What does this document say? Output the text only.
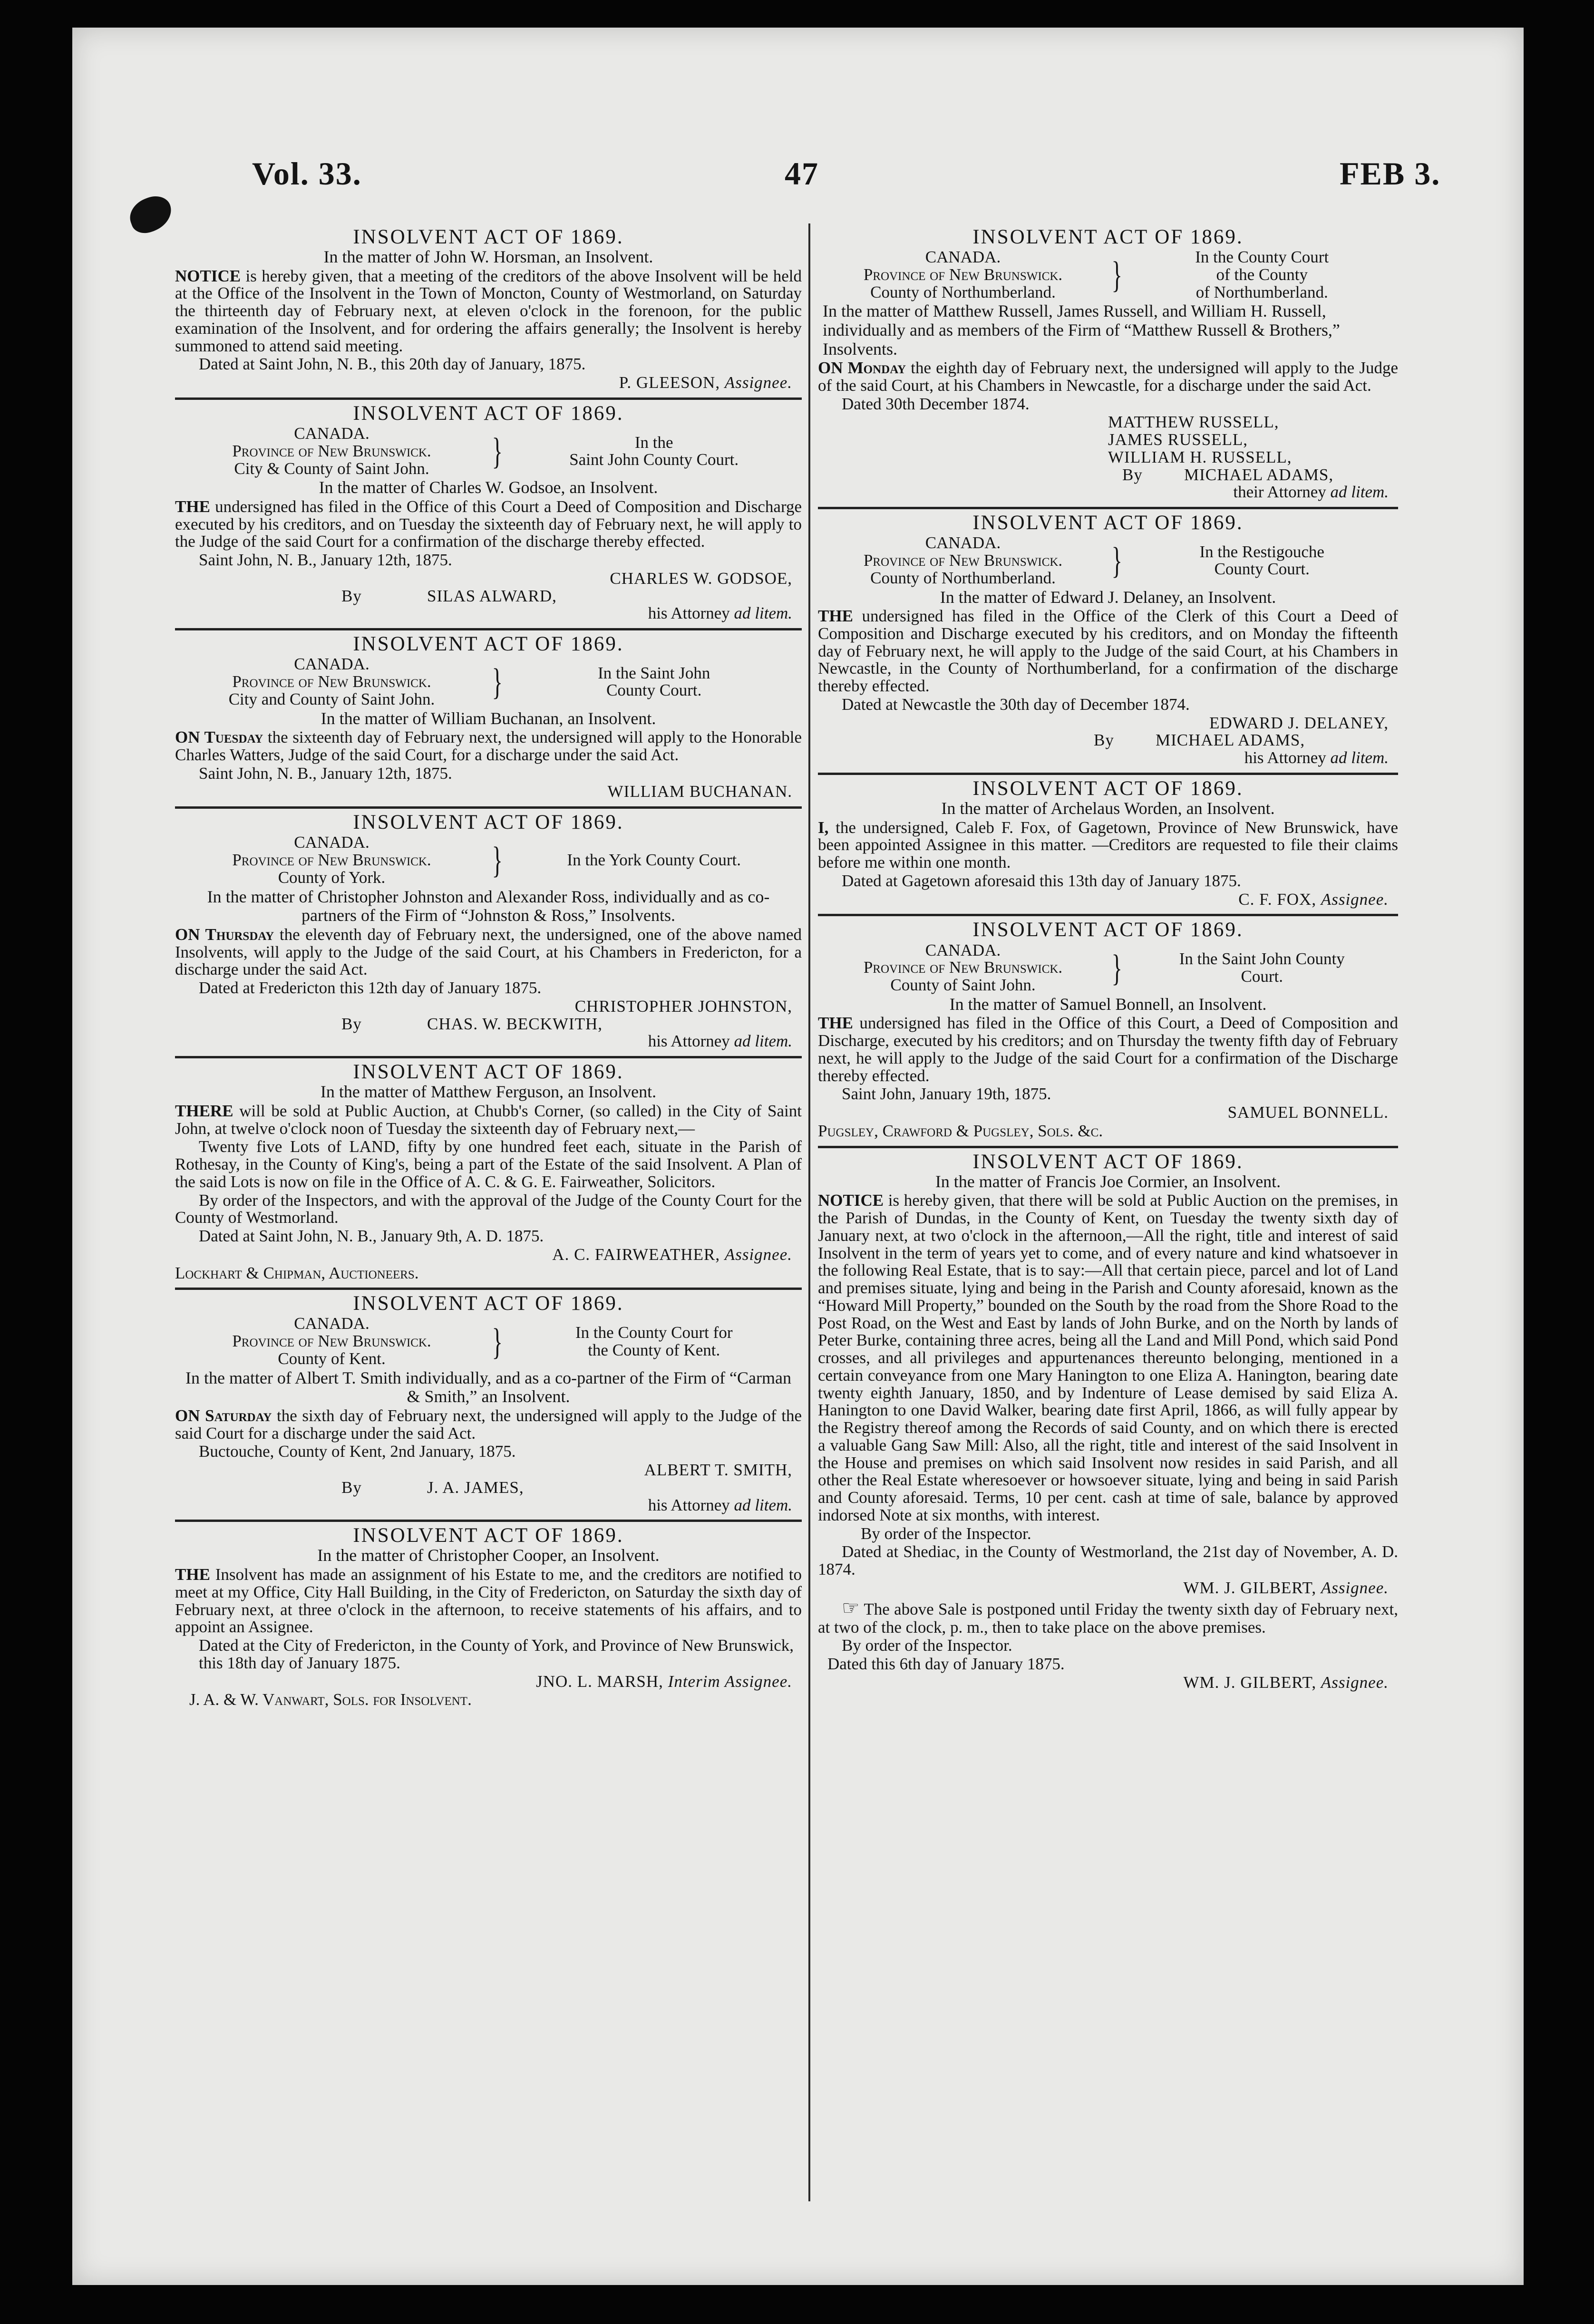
Vol. 33.	47	FEB 3.
INSOLVENT ACT OF 1869.
In the matter of John W. Horsman, an Insolvent.
NOTICE is hereby given, that a meeting of the creditors of the above Insolvent will be held at the Office of the Insolvent in the Town of Moncton, County of Westmorland, on Saturday the thirteenth day of February next, at eleven o'clock in the forenoon, for the public examination of the Insolvent, and for ordering the affairs generally; the Insolvent is hereby summoned to attend said meeting.
Dated at Saint John, N. B., this 20th day of January, 1875.
P. GLEESON, Assignee.
INSOLVENT ACT OF 1869.
CANADA.
Province of New Brunswick.
City & County of Saint John.	}	In the
Saint John County Court.
In the matter of Charles W. Godsoe, an Insolvent.
THE undersigned has filed in the Office of this Court a Deed of Composition and Discharge executed by his creditors, and on Tuesday the sixteenth day of February next, he will apply to the Judge of the said Court for a confirmation of the discharge thereby effected.
Saint John, N. B., January 12th, 1875.
CHARLES W. GODSOE,
By	SILAS ALWARD,
his Attorney ad litem.
INSOLVENT ACT OF 1869.
CANADA.
Province of New Brunswick.
City and County of Saint John.	}	In the Saint John
County Court.
In the matter of William Buchanan, an Insolvent.
ON Tuesday the sixteenth day of February next, the undersigned will apply to the Honorable Charles Watters, Judge of the said Court, for a discharge under the said Act.
Saint John, N. B., January 12th, 1875.
WILLIAM BUCHANAN.
INSOLVENT ACT OF 1869.
CANADA.
Province of New Brunswick.
County of York.	}	In the York County Court.
In the matter of Christopher Johnston and Alexander Ross, individually and as co-partners of the Firm of “Johnston & Ross,” Insolvents.
ON Thursday the eleventh day of February next, the undersigned, one of the above named Insolvents, will apply to the Judge of the said Court, at his Chambers in Fredericton, for a discharge under the said Act.
Dated at Fredericton this 12th day of January 1875.
CHRISTOPHER JOHNSTON,
By	CHAS. W. BECKWITH,
his Attorney ad litem.
INSOLVENT ACT OF 1869.
In the matter of Matthew Ferguson, an Insolvent.
THERE will be sold at Public Auction, at Chubb's Corner, (so called) in the City of Saint John, at twelve o'clock noon of Tuesday the sixteenth day of February next,—
Twenty five Lots of LAND, fifty by one hundred feet each, situate in the Parish of Rothesay, in the County of King's, being a part of the Estate of the said Insolvent. A Plan of the said Lots is now on file in the Office of A. C. & G. E. Fairweather, Solicitors.
By order of the Inspectors, and with the approval of the Judge of the County Court for the County of Westmorland.
Dated at Saint John, N. B., January 9th, A. D. 1875.
A. C. FAIRWEATHER, Assignee.
Lockhart & Chipman, Auctioneers.
INSOLVENT ACT OF 1869.
CANADA.
Province of New Brunswick.
County of Kent.	}	In the County Court for
the County of Kent.
In the matter of Albert T. Smith individually, and as a co-partner of the Firm of “Carman & Smith,” an Insolvent.
ON Saturday the sixth day of February next, the undersigned will apply to the Judge of the said Court for a discharge under the said Act.
Buctouche, County of Kent, 2nd January, 1875.
ALBERT T. SMITH,
By	J. A. JAMES,
his Attorney ad litem.
INSOLVENT ACT OF 1869.
In the matter of Christopher Cooper, an Insolvent.
THE Insolvent has made an assignment of his Estate to me, and the creditors are notified to meet at my Office, City Hall Building, in the City of Fredericton, on Saturday the sixth day of February next, at three o'clock in the afternoon, to receive statements of his affairs, and to appoint an Assignee.
Dated at the City of Fredericton, in the County of York, and Province of New Brunswick, this 18th day of January 1875.
JNO. L. MARSH, Interim Assignee.
J. A. & W. Vanwart, Sols. for Insolvent.
INSOLVENT ACT OF 1869.
CANADA.
Province of New Brunswick.
County of Northumberland.	}	In the County Court
of the County
of Northumberland.
In the matter of Matthew Russell, James Russell, and William H. Russell, individually and as members of the Firm of “Matthew Russell & Brothers,” Insolvents.
ON Monday the eighth day of February next, the undersigned will apply to the Judge of the said Court, at his Chambers in Newcastle, for a discharge under the said Act.
Dated 30th December 1874.
MATTHEW RUSSELL,
JAMES RUSSELL,
WILLIAM H. RUSSELL,
By MICHAEL ADAMS,
their Attorney ad litem.
INSOLVENT ACT OF 1869.
CANADA.
Province of New Brunswick.
County of Northumberland.	}	In the Restigouche
County Court.
In the matter of Edward J. Delaney, an Insolvent.
THE undersigned has filed in the Office of the Clerk of this Court a Deed of Composition and Discharge executed by his creditors, and on Monday the fifteenth day of February next, he will apply to the Judge of the said Court, at his Chambers in Newcastle, in the County of Northumberland, for a confirmation of the discharge thereby effected.
Dated at Newcastle the 30th day of December 1874.
EDWARD J. DELANEY,
By MICHAEL ADAMS,
his Attorney ad litem.
INSOLVENT ACT OF 1869.
In the matter of Archelaus Worden, an Insolvent.
I, the undersigned, Caleb F. Fox, of Gagetown, Province of New Brunswick, have been appointed Assignee in this matter. —Creditors are requested to file their claims before me within one month.
Dated at Gagetown aforesaid this 13th day of January 1875.
C. F. FOX, Assignee.
INSOLVENT ACT OF 1869.
CANADA.
Province of New Brunswick.
County of Saint John.	}	In the Saint John County
Court.
In the matter of Samuel Bonnell, an Insolvent.
THE undersigned has filed in the Office of this Court, a Deed of Composition and Discharge, executed by his creditors; and on Thursday the twenty fifth day of February next, he will apply to the Judge of the said Court for a confirmation of the Discharge thereby effected.
Saint John, January 19th, 1875.
SAMUEL BONNELL.
Pugsley, Crawford & Pugsley, Sols. &c.
INSOLVENT ACT OF 1869.
In the matter of Francis Joe Cormier, an Insolvent.
NOTICE is hereby given, that there will be sold at Public Auction on the premises, in the Parish of Dundas, in the County of Kent, on Tuesday the twenty sixth day of January next, at two o'clock in the afternoon,—All the right, title and interest of said Insolvent in the term of years yet to come, and of every nature and kind whatsoever in the following Real Estate, that is to say:—All that certain piece, parcel and lot of Land and premises situate, lying and being in the Parish and County aforesaid, known as the “Howard Mill Property,” bounded on the South by the road from the Shore Road to the Post Road, on the West and East by lands of John Burke, and on the North by lands of Peter Burke, containing three acres, being all the Land and Mill Pond, which said Pond crosses, and all privileges and appurtenances thereunto belonging, mentioned in a certain conveyance from one Mary Hanington to one Eliza A. Hanington, bearing date twenty eighth January, 1850, and by Indenture of Lease demised by said Eliza A. Hanington to one David Walker, bearing date first April, 1866, as will fully appear by the Registry thereof among the Records of said County, and on which there is erected a valuable Gang Saw Mill: Also, all the right, title and interest of the said Insolvent in the House and premises on which said Insolvent now resides in said Parish, and all other the Real Estate wheresoever or howsoever situate, lying and being in said Parish and County aforesaid. Terms, 10 per cent. cash at time of sale, balance by approved indorsed Note at six months, with interest.
By order of the Inspector.
Dated at Shediac, in the County of Westmorland, the 21st day of November, A. D. 1874.
WM. J. GILBERT, Assignee.
☞ The above Sale is postponed until Friday the twenty sixth day of February next, at two of the clock, p. m., then to take place on the above premises.
By order of the Inspector.
Dated this 6th day of January 1875.
WM. J. GILBERT, Assignee.
